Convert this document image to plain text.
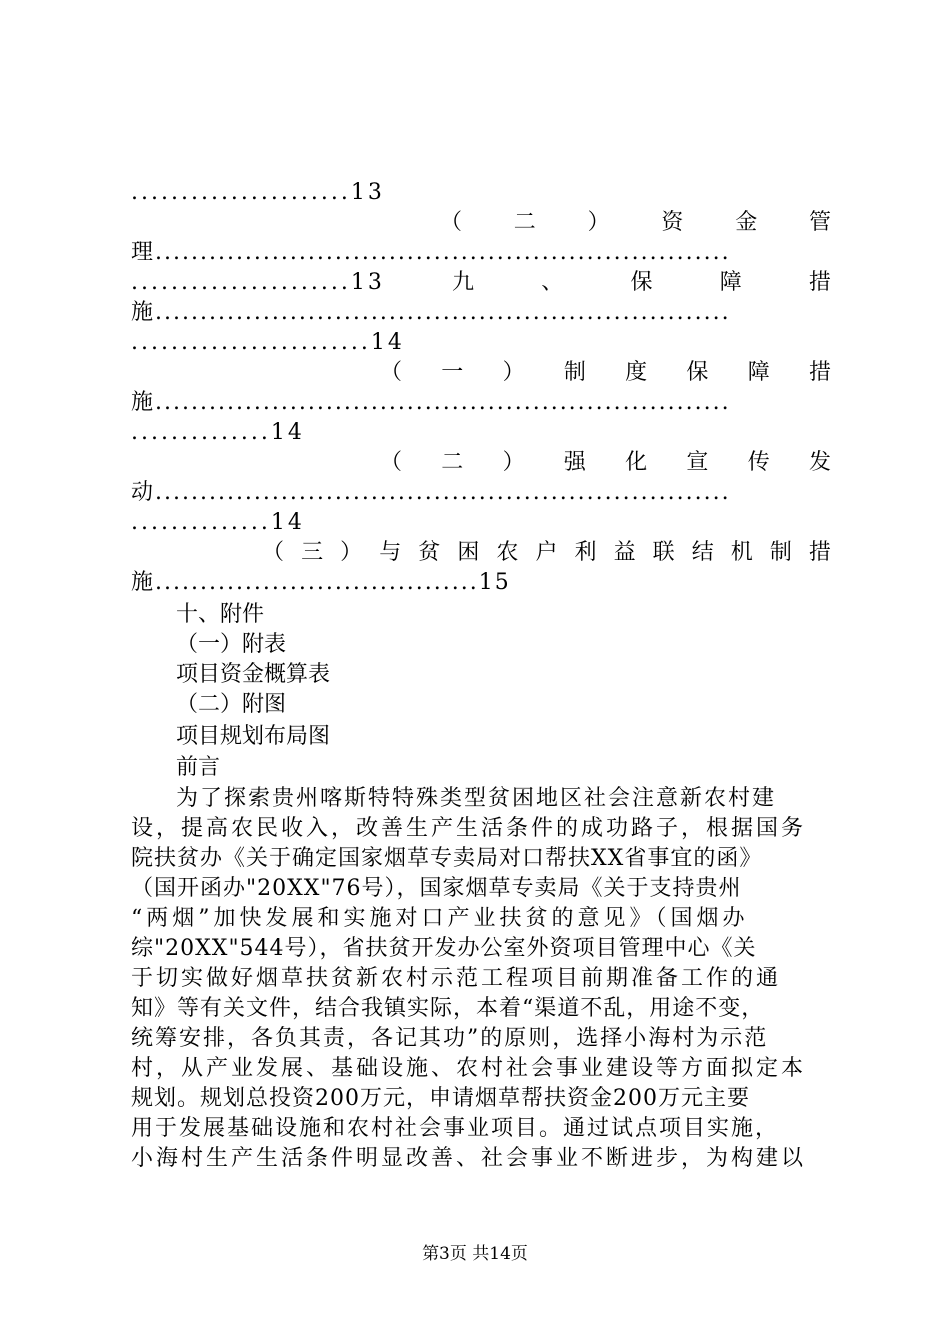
......................13

（ 二 ） 资 金 管

理................................................................

......................13	九	、	保	障	措

施................................................................

........................14

（ 一 ） 制 度 保 障 措

施................................................................

..............14

（ 二 ） 强 化 宣 传 发

动................................................................

..............14

（ 三 ） 与 贫 困 农 户 利 益 联 结 机 制 措

施....................................15

十、附件

（一）附表

项目资金概算表

（二）附图

项目规划布局图

前言

为了探索贵州喀斯特特殊类型贫困地区社会注意新农村建

设，提高农民收入，改善生产生活条件的成功路子，根据国务

院扶贫办《关于确定国家烟草专卖局对口帮扶XX省事宜的函》

（国开函办"20XX"76号），国家烟草专卖局《关于支持贵州

“两烟”加快发展和实施对口产业扶贫的意见》（国烟办

综"20XX"544号），省扶贫开发办公室外资项目管理中心《关

于切实做好烟草扶贫新农村示范工程项目前期准备工作的通

知》等有关文件，结合我镇实际，本着“渠道不乱，用途不变，

统筹安排，各负其责，各记其功”的原则，选择小海村为示范

村，从产业发展、基础设施、农村社会事业建设等方面拟定本

规划。规划总投资200万元，申请烟草帮扶资金200万元主要

用于发展基础设施和农村社会事业项目。通过试点项目实施，

小海村生产生活条件明显改善、社会事业不断进步，为构建以

第3页 共14页
